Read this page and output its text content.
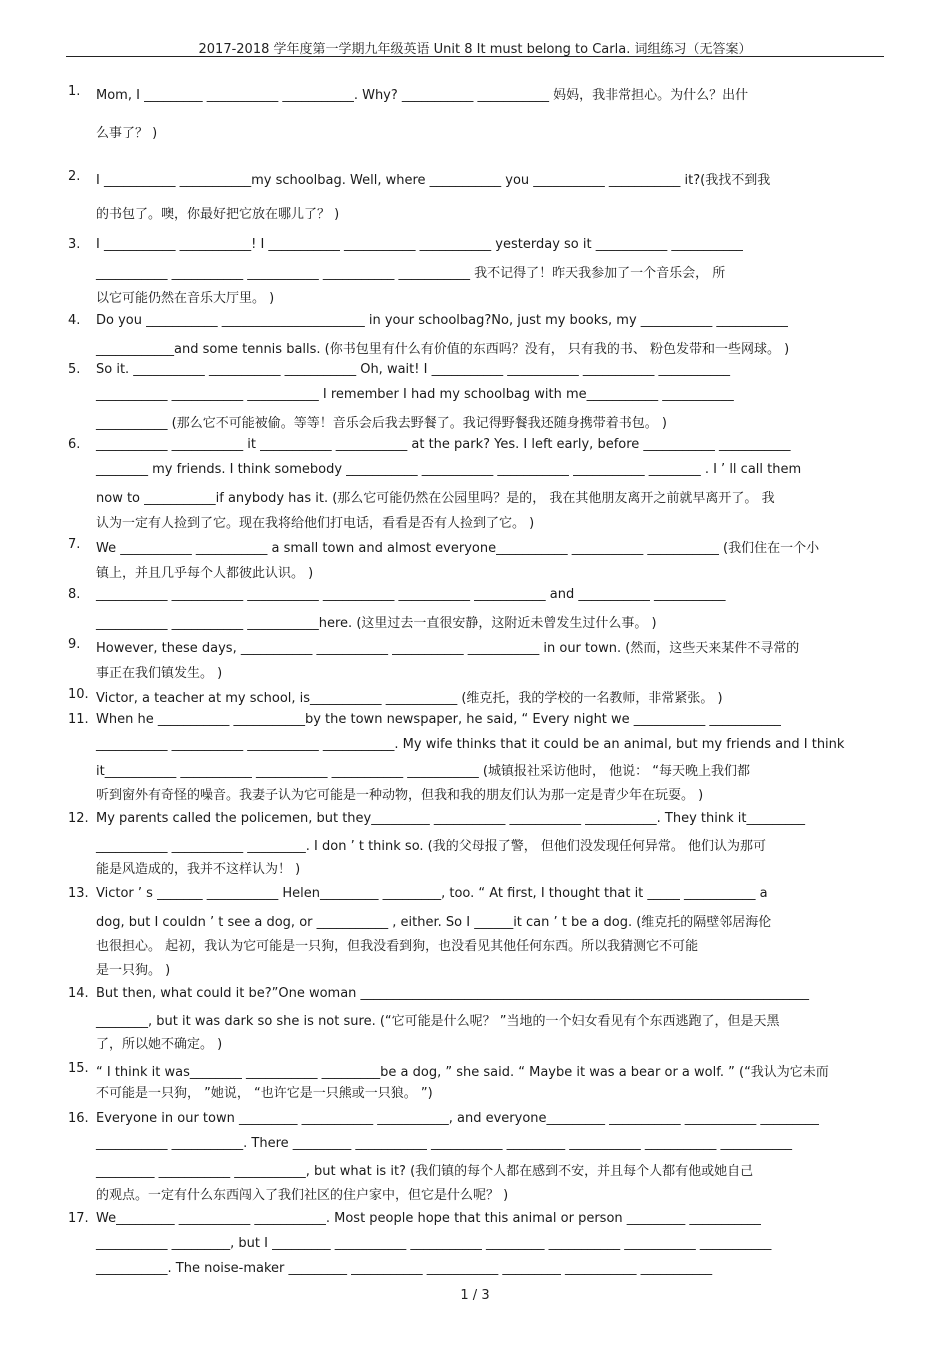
2017-2018 学年度第一学期九年级英语 Unit 8 It must belong to Carla. 词组练习（无答案）
1.	Mom, I _________ ___________ ___________. Why? ___________ ___________ 妈妈，我非常担心。为什么？出什
么事了？ )
2.	I ___________ ___________my schoolbag. Well, where ___________ you ___________ ___________ it?(我找不到我
的书包了。噢，你最好把它放在哪儿了？ )
3.	I ___________ ___________! I ___________ ___________ ___________ yesterday so it ___________ ___________
___________ ___________ ___________ ___________ ___________ 我不记得了！昨天我参加了一个音乐会， 所
以它可能仍然在音乐大厅里。 )
4.	Do you ___________ ______________________ in your schoolbag?No, just my books, my ___________ ___________
____________and some tennis balls. (你书包里有什么有价值的东西吗？没有， 只有我的书、 粉色发带和一些网球。 )
5.	So it. ___________ ___________ ___________ Oh, wait! I ___________ ___________ ___________ ___________
___________ ___________ ___________ I remember I had my schoolbag with me___________ ___________
___________ (那么它不可能被偷。等等！音乐会后我去野餐了。我记得野餐我还随身携带着书包。 )
6.	___________ ___________ it ___________ ___________ at the park? Yes. I left early, before ___________ ___________
________ my friends. I think somebody ___________ ___________ ___________ ___________ ________ . I ’ ll call them
now to ___________if anybody has it. (那么它可能仍然在公园里吗？是的， 我在其他朋友离开之前就早离开了。 我
认为一定有人捡到了它。现在我将给他们打电话，看看是否有人捡到了它。 )
7.	We ___________ ___________ a small town and almost everyone___________ ___________ ___________ (我们住在一个小
镇上，并且几乎每个人都彼此认识。 )
8.	___________ ___________ ___________ ___________ ___________ ___________ and ___________ ___________
___________ ___________ ___________here. (这里过去一直很安静，这附近未曾发生过什么事。 )
9.	However, these days, ___________ ___________ ___________ ___________ in our town. (然而，这些天来某件不寻常的
事正在我们镇发生。 )
10. Victor, a teacher at my school, is___________ ___________ (维克托，我的学校的一名教师，非常紧张。 )
11. When he ___________ ___________by the town newspaper, he said, “ Every night we ___________ ___________
___________ ___________ ___________ ___________. My wife thinks that it could be an animal, but my friends and I think
it___________ ___________ ___________ ___________ ___________ (城镇报社采访他时， 他说： “每天晚上我们都
听到窗外有奇怪的噪音。我妻子认为它可能是一种动物，但我和我的朋友们认为那一定是青少年在玩耍。 )
12. My parents called the policemen, but they_________ ___________ ___________ ___________. They think it_________
___________ ___________ _________. I don ’ t think so. (我的父母报了警， 但他们没发现任何异常。 他们认为那可
能是风造成的，我并不这样认为！ )
13. Victor ’ s _______ ___________ Helen_________ _________, too. “ At first, I thought that it _____ ___________ a
dog, but I couldn ’ t see a dog, or ___________ , either. So I ______it can ’ t be a dog. (维克托的隔壁邻居海伦
也很担心。 起初，我认为它可能是一只狗，但我没看到狗，也没看见其他任何东西。所以我猜测它不可能
是一只狗。 )
14. But then, what could it be?”One woman _____________________________________________________________________
________, but it was dark so she is not sure. (“它可能是什么呢？ ”当地的一个妇女看见有个东西逃跑了，但是天黑
了，所以她不确定。 )
15. “ I think it was________ ___________ _________be a dog, ” she said. “ Maybe it was a bear or a wolf. ” (“我认为它未而
不可能是一只狗， ”她说， “也许它是一只熊或一只狼。 ”)
16. Everyone in our town _________ ___________ ___________, and everyone_________ ___________ ___________ _________
___________ ___________. There _________ ___________ ___________ _________ ___________ ___________ ___________
_________ ___________ ___________, but what is it? (我们镇的每个人都在感到不安，并且每个人都有他或她自己
的观点。一定有什么东西闯入了我们社区的住户家中，但它是什么呢？ )
17. We_________ ___________ ___________. Most people hope that this animal or person _________ ___________
___________ _________, but I _________ ___________ ___________ _________ ___________ ___________ ___________
___________. The noise-maker _________ ___________ ___________ _________ ___________ ___________
1 / 3
